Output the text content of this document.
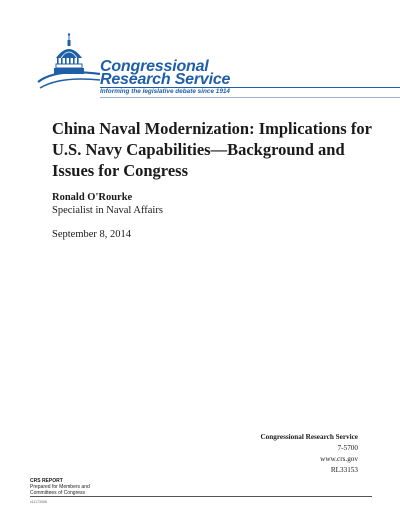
Congressional
Research Service
Informing the legislative debate since 1914
China Naval Modernization: Implications for U.S. Navy Capabilities—Background and Issues for Congress
Ronald O'Rourke
Specialist in Naval Affairs
September 8, 2014
Congressional Research Service
7-5700
www.crs.gov
RL33153
CRS REPORT
Prepared for Members and
Committees of Congress
c11173008
